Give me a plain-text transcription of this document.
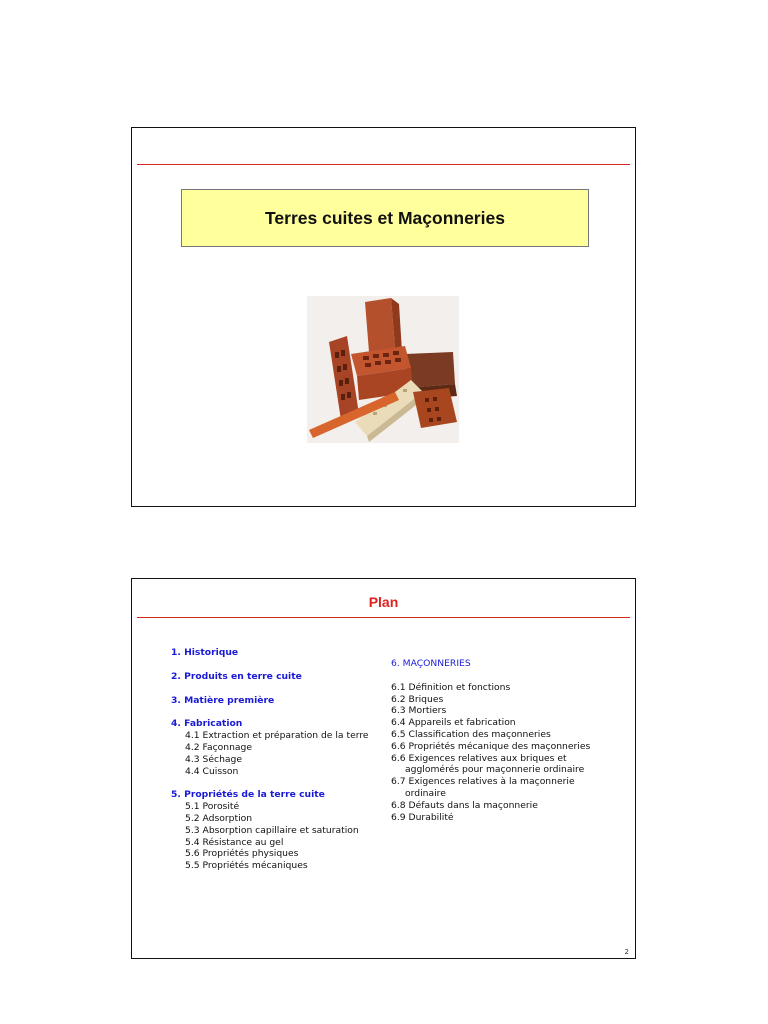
Terres cuites et Maçonneries
Plan
1. Historique
2. Produits en terre cuite
3. Matière première
4. Fabrication
4.1 Extraction et préparation de la terre
4.2 Façonnage
4.3 Séchage
4.4 Cuisson
5. Propriétés de la terre cuite
5.1 Porosité
5.2 Adsorption
5.3 Absorption capillaire et saturation
5.4 Résistance au gel
5.6 Propriétés physiques
5.5 Propriétés mécaniques
6. MAÇONNERIES
6.1 Définition et fonctions
6.2 Briques
6.3 Mortiers
6.4 Appareils et fabrication
6.5 Classification des maçonneries
6.6 Propriétés mécanique des maçonneries
6.6 Exigences relatives aux briques et
agglomérés pour maçonnerie ordinaire
6.7 Exigences relatives à la maçonnerie
ordinaire
6.8 Défauts dans la maçonnerie
6.9 Durabilité
2
